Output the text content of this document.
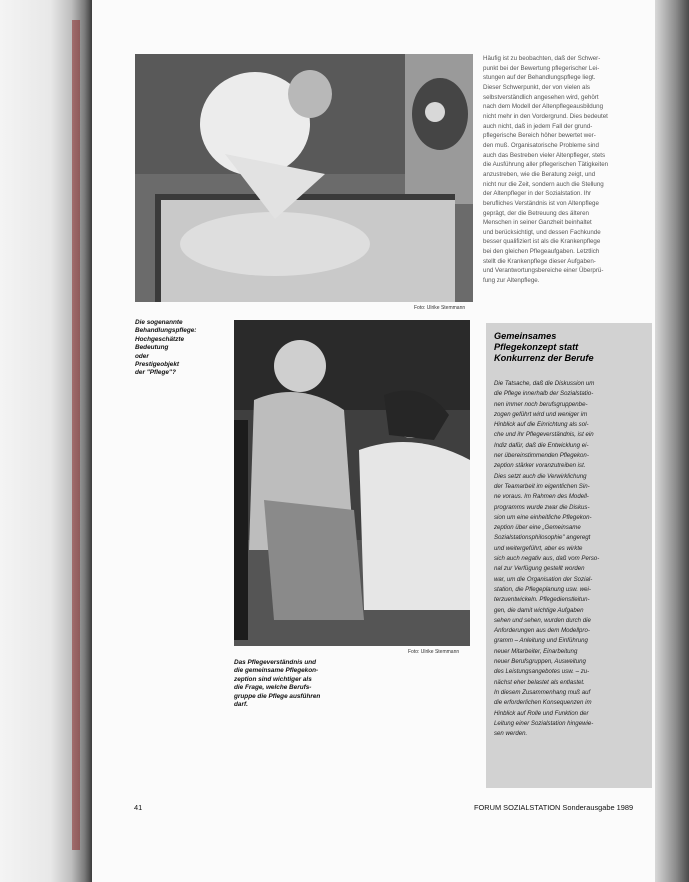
Foto: Ulrike Stemmann
Häufig ist zu beobachten, daß der Schwer-
punkt bei der Bewertung pflegerischer Lei-
stungen auf der Behandlungspflege liegt.
Dieser Schwerpunkt, der von vielen als
selbstverständlich angesehen wird, gehört
nach dem Modell der Altenpflegeausbildung
nicht mehr in den Vordergrund. Dies bedeutet
auch nicht, daß in jedem Fall der grund-
pflegerische Bereich höher bewertet wer-
den muß. Organisatorische Probleme sind
auch das Bestreben vieler Altenpfleger, stets
die Ausführung aller pflegerischen Tätigkeiten
anzustreben, wie die Beratung zeigt, und
nicht nur die Zeit, sondern auch die Stellung
der Altenpfleger in der Sozialstation. Ihr
berufliches Verständnis ist von Altenpflege
geprägt, der die Betreuung des älteren
Menschen in seiner Ganzheit beinhaltet
und berücksichtigt, und dessen Fachkunde
besser qualifiziert ist als die Krankenpflege
bei den gleichen Pflegeaufgaben. Letztlich
stellt die Krankenpflege dieser Aufgaben-
und Verantwortungsbereiche einer Überprü-
fung zur Altenpflege.
Die sogenannte
Behandlungspflege:
Hochgeschätzte
Bedeutung
oder
Prestigeobjekt
der "Pflege"?
Foto: Ulrike Stemmann
Das Pflegeverständnis und
die gemeinsame Pflegekon-
zeption sind wichtiger als
die Frage, welche Berufs-
gruppe die Pflege ausführen
darf.
Gemeinsames
Pflegekonzept statt
Konkurrenz der Berufe
Die Tatsache, daß die Diskussion um
die Pflege innerhalb der Sozialstatio-
nen immer noch berufsgruppenbe-
zogen geführt wird und weniger im
Hinblick auf die Einrichtung als sol-
che und ihr Pflegeverständnis, ist ein
Indiz dafür, daß die Entwicklung ei-
ner übereinstimmenden Pflegekon-
zeption stärker voranzutreiben ist.
Dies setzt auch die Verwirklichung
der Teamarbeit im eigentlichen Sin-
ne voraus. Im Rahmen des Modell-
programms wurde zwar die Diskus-
sion um eine einheitliche Pflegekon-
zeption über eine „Gemeinsame
Sozialstationsphilosophie" angeregt
und weitergeführt, aber es wirkte
sich auch negativ aus, daß vom Perso-
nal zur Verfügung gestellt worden
war, um die Organisation der Sozial-
station, die Pflegeplanung usw. wei-
terzuentwickeln. Pflegedienstleitun-
gen, die damit wichtige Aufgaben
sehen und sehen, wurden durch die
Anforderungen aus dem Modellpro-
gramm – Anleitung und Einführung
neuer Mitarbeiter, Einarbeitung
neuer Berufsgruppen, Ausweitung
des Leistungsangebotes usw. – zu-
nächst eher belastet als entlastet.
In diesem Zusammenhang muß auf
die erforderlichen Konsequenzen im
Hinblick auf Rolle und Funktion der
Leitung einer Sozialstation hingewie-
sen werden.
41	FORUM SOZIALSTATION Sonderausgabe 1989
